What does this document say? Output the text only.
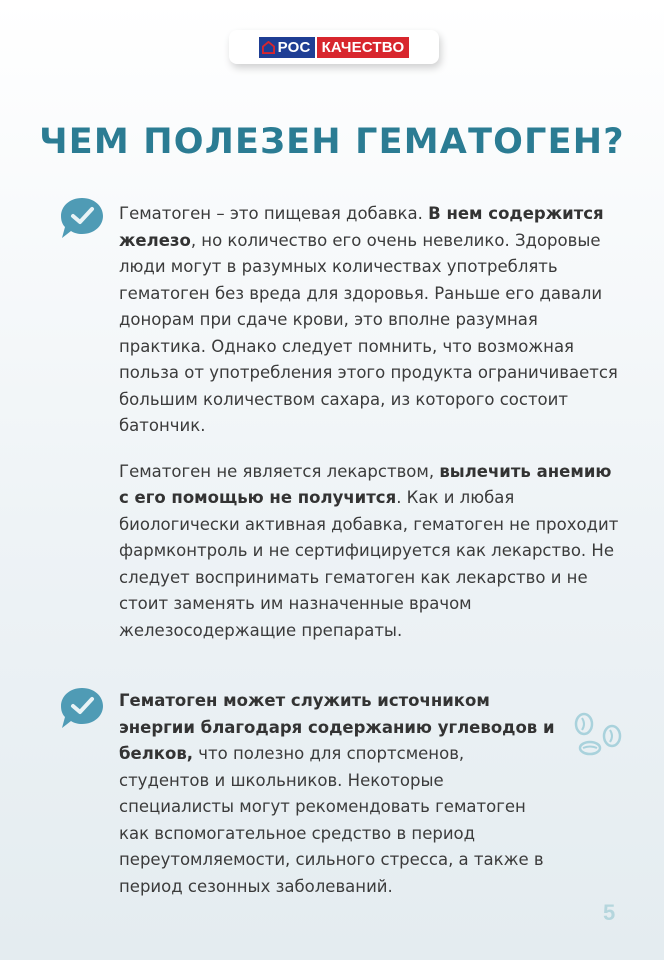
РОС КАЧЕСТВО
ЧЕМ ПОЛЕЗЕН ГЕМАТОГЕН?

Гематоген – это пищевая добавка. В нем содержится железо, но количество его очень невелико. Здоровые люди могут в разумных количествах употреблять гематоген без вреда для здоровья. Раньше его давали донорам при сдаче крови, это вполне разумная практика. Однако следует помнить, что возможная польза от употребления этого продукта ограничивается большим количеством сахара, из которого состоит батончик.

Гематоген не является лекарством, вылечить анемию с его помощью не получится. Как и любая биологически активная добавка, гематоген не проходит фармконтроль и не сертифицируется как лекарство. Не следует воспринимать гематоген как лекарство и не стоит заменять им назначенные врачом железосодержащие препараты.

Гематоген может служить источником энергии благодаря содержанию углеводов и белков, что полезно для спортсменов, студентов и школьников. Некоторые специалисты могут рекомендовать гематоген как вспомогательное средство в период переутомляемости, сильного стресса, а также в период сезонных заболеваний.

5
